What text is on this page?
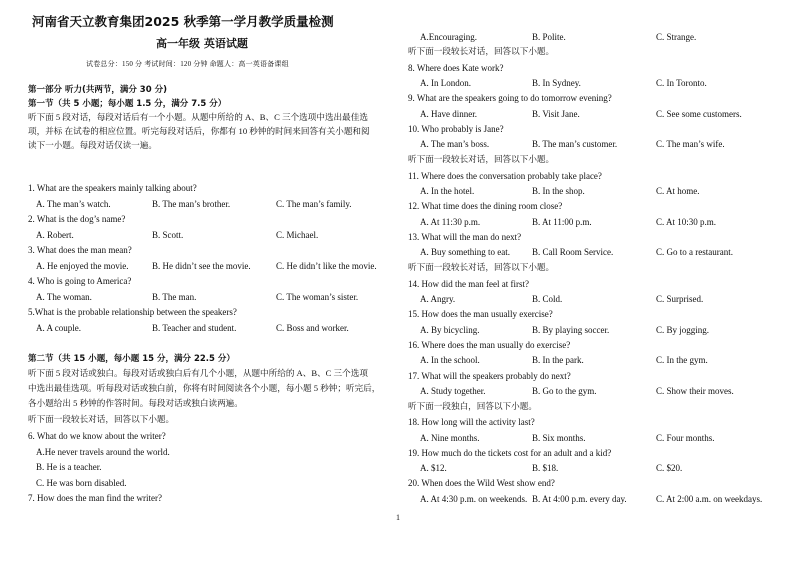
河南省天立教育集团2025 秋季第一学月教学质量检测
高一年级 英语试题
试卷总分：150 分 考试时间：120 分钟 命题人：高一英语备课组
第一部分 听力(共两节，满分 30 分)
第一节（共 5 小题；每小题 1.5 分，满分 7.5 分）
听下面 5 段对话，每段对话后有一个小题。从题中所给的 A、B、C 三个选项中选出最佳选
项，并标 在试卷的相应位置。听完每段对话后，你都有 10 秒钟的时间来回答有关小题和阅
读下一小题。每段对话仅读一遍。
1. What are the speakers mainly talking about?
A. The man’s watch.	B. The man’s brother.	C. The man’s family.
2. What is the dog’s name?
A. Robert.	B. Scott.	C. Michael.
3. What does the man mean?
A. He enjoyed the movie.	B. He didn’t see the movie.	C. He didn’t like the movie.
4. Who is going to America?
A. The woman.	B. The man.	C. The woman’s sister.
5.What is the probable relationship between the speakers?
A. A couple.	B. Teacher and student.	C. Boss and worker.
第二节（共 15 小题，每小题 15 分，满分 22.5 分）
听下面 5 段对话或独白。每段对话或独白后有几个小题，从题中所给的 A、B、C 三个选项
中选出最佳选项。听每段对话或独白前，你将有时间阅读各个小题，每小题 5 秒钟；听完后，
各小题给出 5 秒钟的作答时间。每段对话或独白读两遍。
听下面一段较长对话，回答以下小题。
6. What do we know about the writer?
A.He never travels around the world.
B. He is a teacher.
C. He was born disabled.
7. How does the man find the writer?
A.Encouraging.	B. Polite.	C. Strange.
听下面一段较长对话，回答以下小题。
8. Where does Kate work?
A. In London.	B. In Sydney.	C. In Toronto.
9. What are the speakers going to do tomorrow evening?
A. Have dinner.	B. Visit Jane.	C. See some customers.
10. Who probably is Jane?
A. The man’s boss.	B. The man’s customer.	C. The man’s wife.
听下面一段较长对话，回答以下小题。
11. Where does the conversation probably take place?
A. In the hotel.	B. In the shop.	C. At home.
12. What time does the dining room close?
A. At 11:30 p.m.	B. At 11:00 p.m.	C. At 10:30 p.m.
13. What will the man do next?
A. Buy something to eat. B. Call Room Service.	C. Go to a restaurant.
听下面一段较长对话，回答以下小题。
14. How did the man feel at first?
A. Angry.	B. Cold.	C. Surprised.
15. How does the man usually exercise?
A. By bicycling.	B. By playing soccer.	C. By jogging.
16. Where does the man usually do exercise?
A. In the school.	B. In the park.	C. In the gym.
17. What will the speakers probably do next?
A. Study together.	B. Go to the gym.	C. Show their moves.
听下面一段独白，回答以下小题。
18. How long will the activity last?
A. Nine months.	B. Six months.	C. Four months.
19. How much do the tickets cost for an adult and a kid?
A. $12.	B. $18.	C. $20.
20. When does the Wild West show end?
A. At 4:30 p.m. on weekends. B. At 4:00 p.m. every day.	C. At 2:00 a.m. on weekdays.
1
